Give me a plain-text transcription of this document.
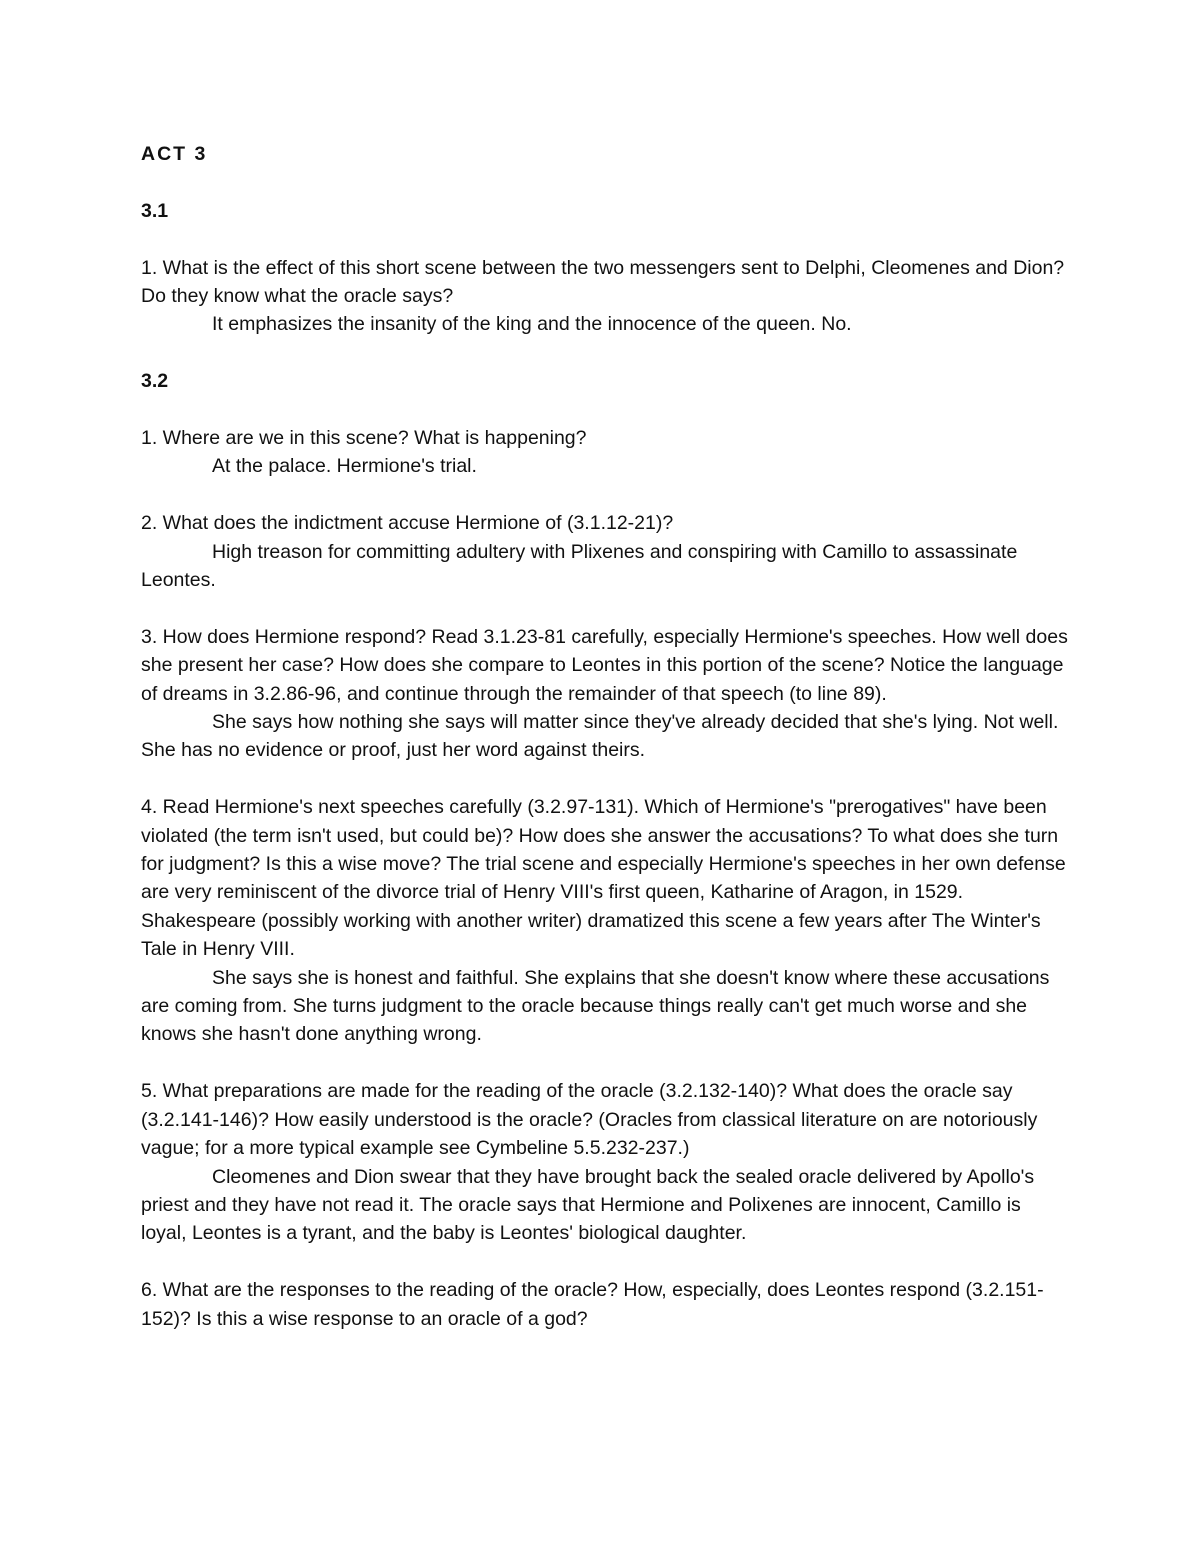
ACT 3

3.1

1. What is the effect of this short scene between the two messengers sent to Delphi, Cleomenes and Dion? Do they know what the oracle says?

It emphasizes the insanity of the king and the innocence of the queen. No.

3.2

1. Where are we in this scene? What is happening?

At the palace. Hermione's trial.

2. What does the indictment accuse Hermione of (3.1.12-21)?

High treason for committing adultery with Plixenes and conspiring with Camillo to assassinate Leontes.

3. How does Hermione respond? Read 3.1.23-81 carefully, especially Hermione's speeches. How well does she present her case? How does she compare to Leontes in this portion of the scene? Notice the language of dreams in 3.2.86-96, and continue through the remainder of that speech (to line 89).

She says how nothing she says will matter since they've already decided that she's lying. Not well. She has no evidence or proof, just her word against theirs.

4. Read Hermione's next speeches carefully (3.2.97-131). Which of Hermione's "prerogatives" have been violated (the term isn't used, but could be)? How does she answer the accusations? To what does she turn for judgment? Is this a wise move? The trial scene and especially Hermione's speeches in her own defense are very reminiscent of the divorce trial of Henry VIII's first queen, Katharine of Aragon, in 1529. Shakespeare (possibly working with another writer) dramatized this scene a few years after The Winter's Tale in Henry VIII.

She says she is honest and faithful. She explains that she doesn't know where these accusations are coming from. She turns judgment to the oracle because things really can't get much worse and she knows she hasn't done anything wrong.

5. What preparations are made for the reading of the oracle (3.2.132-140)? What does the oracle say (3.2.141-146)? How easily understood is the oracle? (Oracles from classical literature on are notoriously vague; for a more typical example see Cymbeline 5.5.232-237.)

Cleomenes and Dion swear that they have brought back the sealed oracle delivered by Apollo's priest and they have not read it. The oracle says that Hermione and Polixenes are innocent, Camillo is loyal, Leontes is a tyrant, and the baby is Leontes' biological daughter.

6. What are the responses to the reading of the oracle? How, especially, does Leontes respond (3.2.151-152)? Is this a wise response to an oracle of a god?
